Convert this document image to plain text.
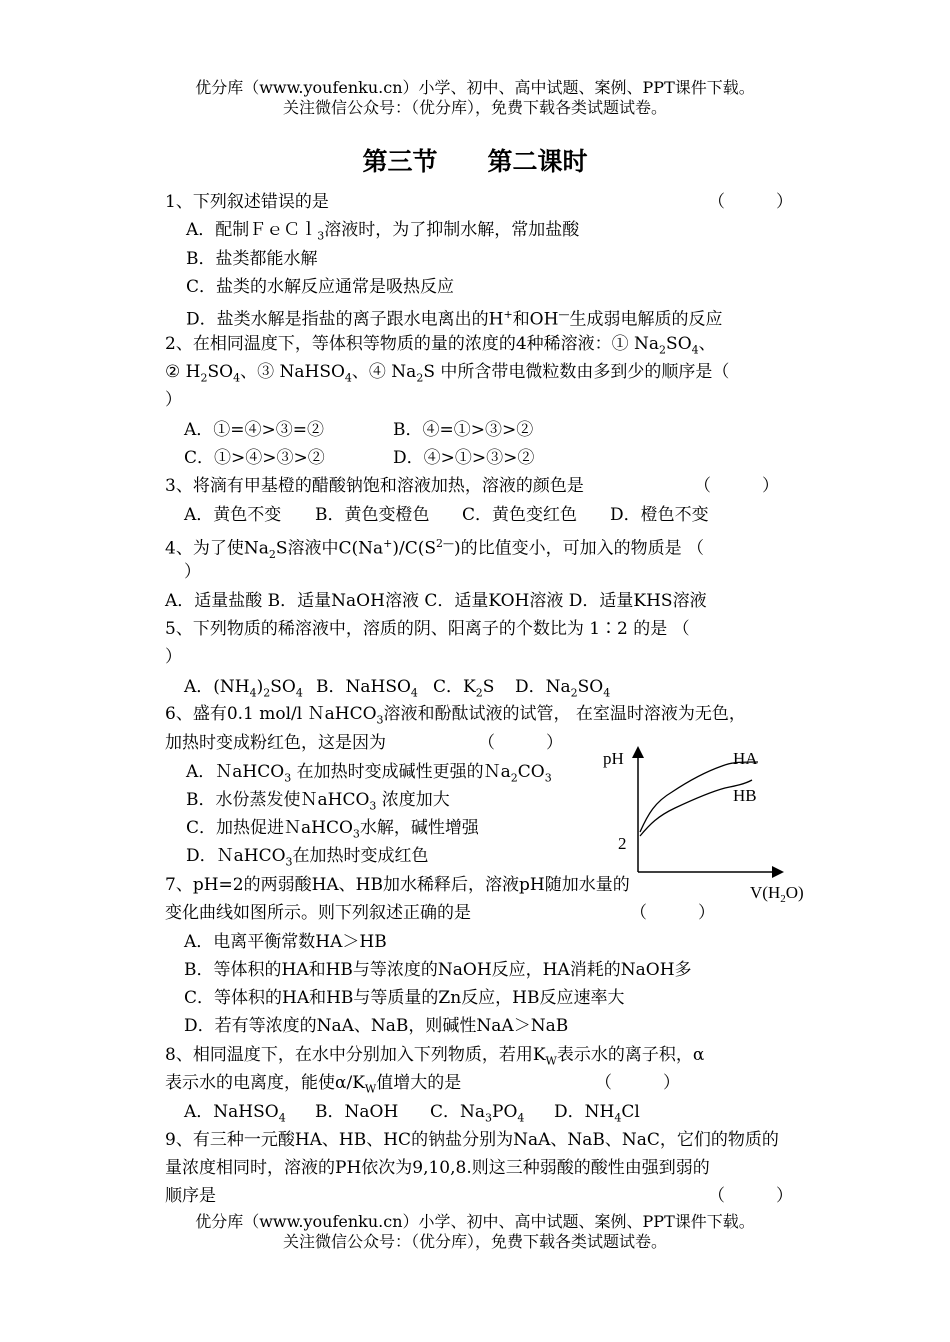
优分库（www.youfenku.cn）小学、初中、高中试题、案例、PPT课件下载。
关注微信公众号：（优分库），免费下载各类试题试卷。
第三节　　第二课时
1、下列叙述错误的是	（　　　）
A．配制ＦｅＣｌ$_3$溶液时，为了抑制水解，常加盐酸
B．盐类都能水解
C．盐类的水解反应通常是吸热反应
D．盐类水解是指盐的离子跟水电离出的H+和OH—生成弱电解质的反应
2、在相同温度下，等体积等物质的量的浓度的4种稀溶液：① $Na_2SO_4$、
② $H_2SO_4$、③ NaHSO$_4$、④ $Na_2S$ 中所含带电微粒数由多到少的顺序是（
）
A．①=④>③=②	B．④=①>③>②
C．①>④>③>②	D．④>①>③>②
3、将滴有甲基橙的醋酸钠饱和溶液加热，溶液的颜色是	（　　　）
A．黄色不变 B．黄色变橙色 C．黄色变红色 D．橙色不变
4、为了使$Na_2S$溶液中$C(Na^+)/C(S^{2—})$的比值变小，可加入的物质是 （
）
A．适量盐酸 B．适量NaOH溶液 C．适量KOH溶液 D．适量KHS溶液
5、下列物质的稀溶液中，溶质的阴、阳离子的个数比为 1∶2 的是 （
）
A．$(NH_4)_2SO_4$ B．NaHSO$_4$ C．$K_2S$ D．$Na_2SO_4$
6、盛有0.1 mol/l ＮaHCO$_3$溶液和酚酞试液的试管， 在室温时溶液为无色，
加热时变成粉红色，这是因为	（　　　）
A．ＮaHCO$_3$ 在加热时变成碱性更强的$Na_2CO_3$
B．水份蒸发使ＮaHCO$_3$ 浓度加大
C．加热促进ＮaHCO$_3$水解，碱性增强
D．ＮaHCO$_3$在加热时变成红色
pH	HA
HB
2
$V(H_2O)$
7、pH=2的两弱酸HA、HB加水稀释后，溶液pH随加水量的
变化曲线如图所示。则下列叙述正确的是	（　　　）
A．电离平衡常数HA＞HB
B．等体积的HA和HB与等浓度的NaOH反应，HA消耗的NaOH多
C．等体积的HA和HB与等质量的Zn反应，HB反应速率大
D．若有等浓度的NaA、NaB，则碱性NaA＞NaB
8、相同温度下，在水中分别加入下列物质，若用$K_W$表示水的离子积，α
表示水的电离度，能使$\alpha/K_W$值增大的是	（　　　）
A．NaHSO$_4$ B．NaOH C．$Na_3PO_4$ D．$NH_4Cl$
9、有三种一元酸HA、HB、HC的钠盐分别为NaA、NaB、NaC，它们的物质的
量浓度相同时，溶液的PH依次为9,10,8.则这三种弱酸的酸性由强到弱的
顺序是	（　　　）
优分库（www.youfenku.cn）小学、初中、高中试题、案例、PPT课件下载。
关注微信公众号：（优分库），免费下载各类试题试卷。
